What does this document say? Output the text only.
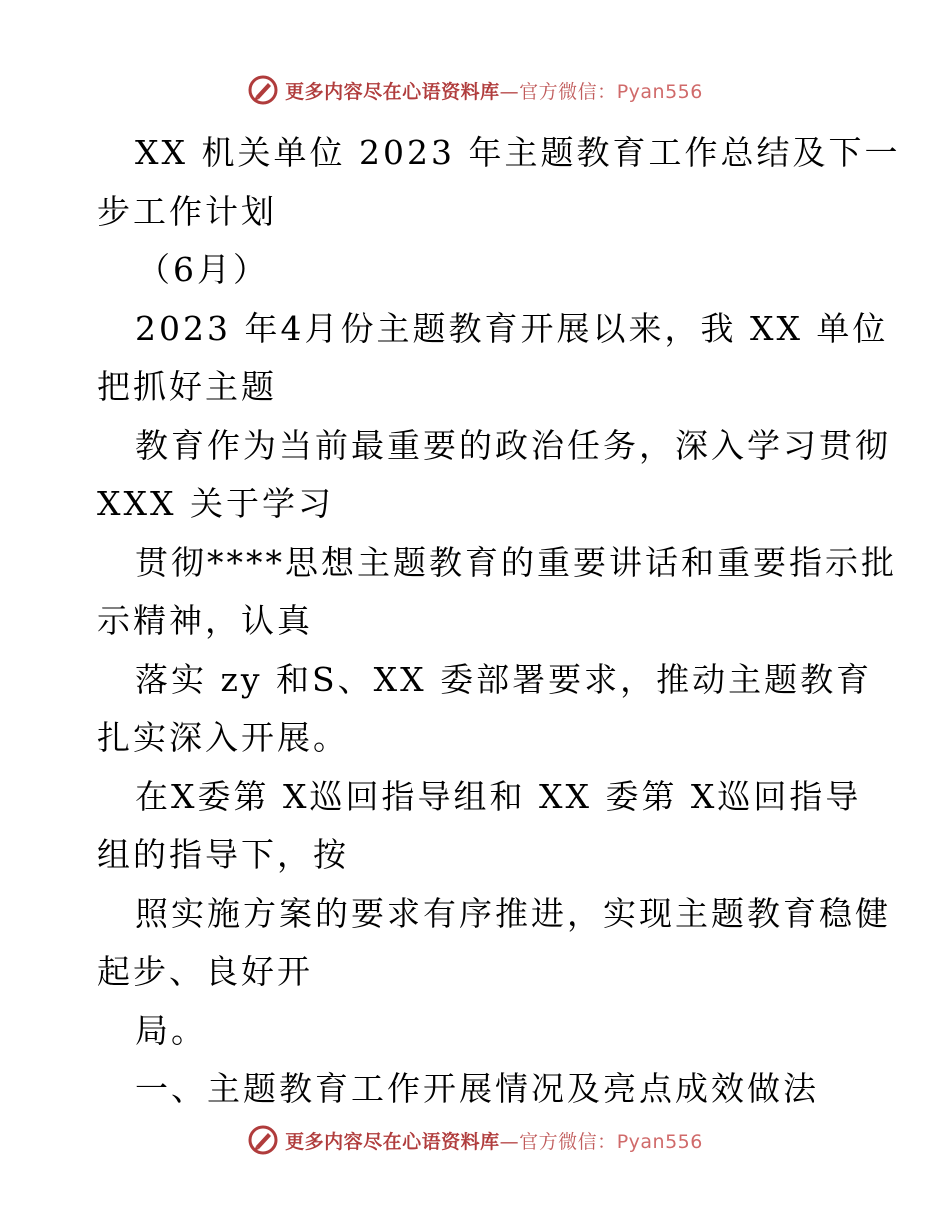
更多内容尽在心语资料库—官方微信：Pyan556
XX 机关单位 2023 年主题教育工作总结及下一
步工作计划
（6月）
2023 年4月份主题教育开展以来，我 XX 单位
把抓好主题
教育作为当前最重要的政治任务，深入学习贯彻
XXX 关于学习
贯彻****思想主题教育的重要讲话和重要指示批
示精神，认真
落实 zy 和S、XX 委部署要求，推动主题教育
扎实深入开展。
在X委第 X巡回指导组和 XX 委第 X巡回指导
组的指导下，按
照实施方案的要求有序推进，实现主题教育稳健
起步、良好开
局。
一、主题教育工作开展情况及亮点成效做法
更多内容尽在心语资料库—官方微信：Pyan556
